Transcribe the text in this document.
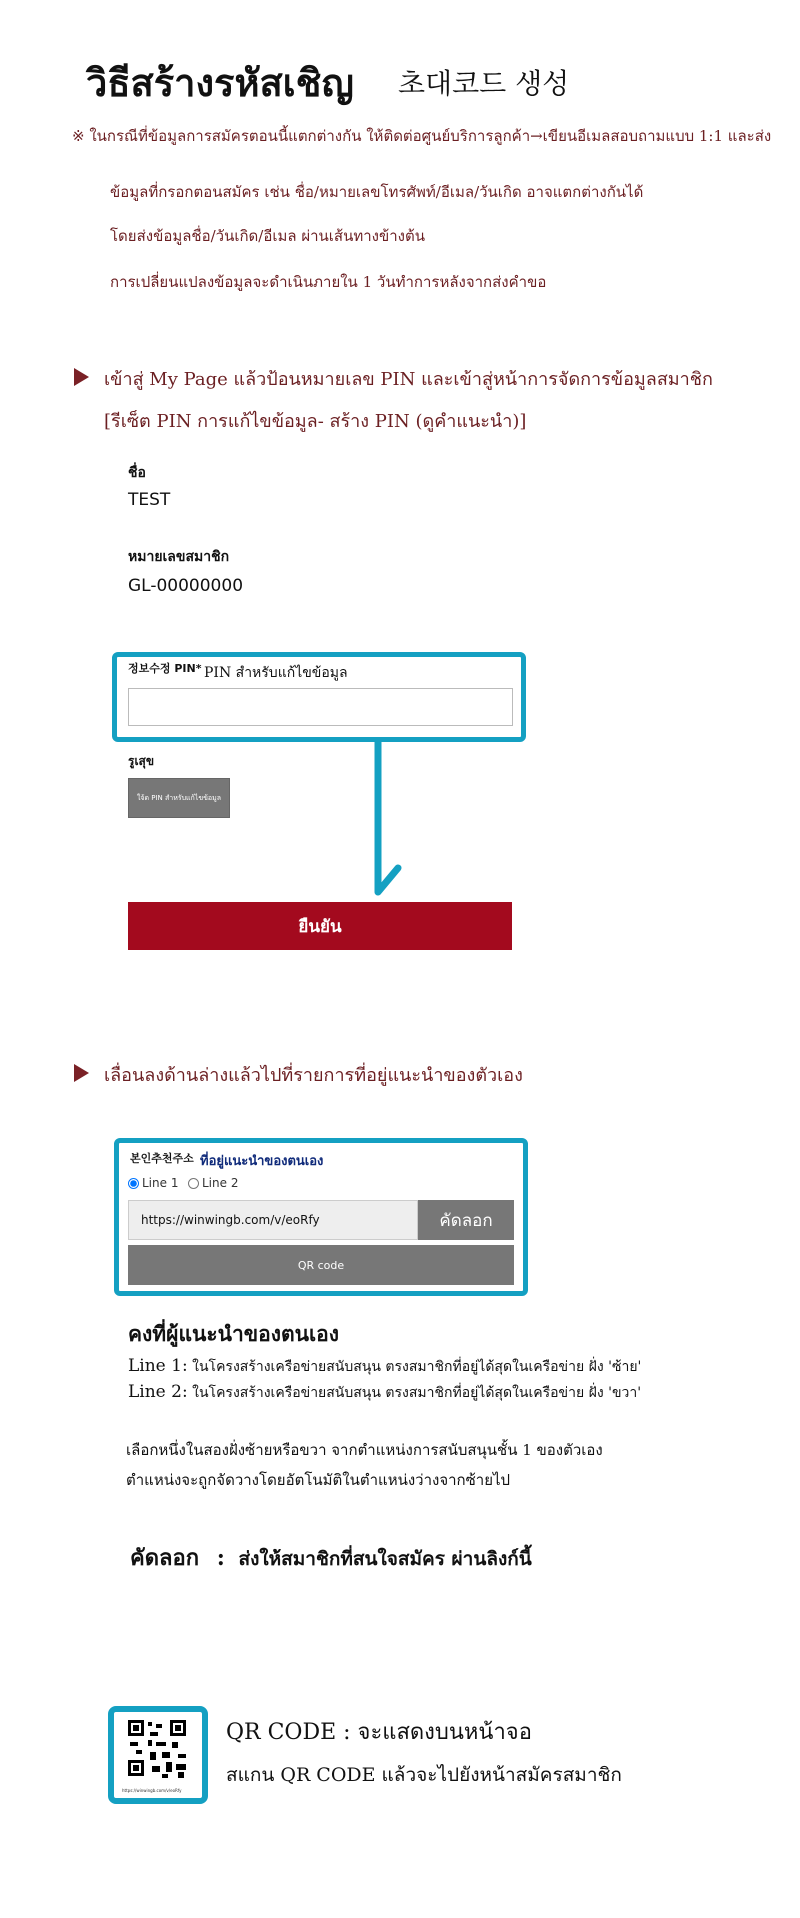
วิธีสร้างรหัสเชิญ 초대코드 생성
※ ในกรณีที่ข้อมูลการสมัครตอนนี้แตกต่างกัน ให้ติดต่อศูนย์บริการลูกค้า→เขียนอีเมลสอบถามแบบ 1:1 และส่ง
ข้อมูลที่กรอกตอนสมัคร เช่น ชื่อ/หมายเลขโทรศัพท์/อีเมล/วันเกิด อาจแตกต่างกันได้
โดยส่งข้อมูลชื่อ/วันเกิด/อีเมล ผ่านเส้นทางข้างต้น
การเปลี่ยนแปลงข้อมูลจะดำเนินภายใน 1 วันทำการหลังจากส่งคำขอ
เข้าสู่ My Page แล้วป้อนหมายเลข PIN และเข้าสู่หน้าการจัดการข้อมูลสมาชิก
[รีเซ็ต PIN การแก้ไขข้อมูล- สร้าง PIN (ดูคำแนะนำ)]
ชื่อ
TEST
หมายเลขสมาชิก
GL-00000000
정보수정 PIN* PIN สำหรับแก้ไขข้อมูล
รูเสุข
ใจ้ด PIN สำหรับแก้ไขข้อมูล
ยืนยัน
เลื่อนลงด้านล่างแล้วไปที่รายการที่อยู่แนะนำของตัวเอง
본인추천주소 ที่อยู่แนะนำของตนเอง
Line 1 Line 2
https://winwingb.com/v/eoRfy	คัดลอก
QR code
คงที่ผู้แนะนำของตนเอง
Line 1: ในโครงสร้างเครือข่ายสนับสนุน ตรงสมาชิกที่อยู่ได้สุดในเครือข่าย ฝั่ง 'ซ้าย'
Line 2: ในโครงสร้างเครือข่ายสนับสนุน ตรงสมาชิกที่อยู่ได้สุดในเครือข่าย ฝั่ง 'ขวา'
เลือกหนึ่งในสองฝั่งซ้ายหรือขวา จากตำแหน่งการสนับสนุนชั้น 1 ของตัวเอง
ตำแหน่งจะถูกจัดวางโดยอัตโนมัติในตำแหน่งว่างจากซ้ายไป
คัดลอก : ส่งให้สมาชิกที่สนใจสมัคร ผ่านลิงก์นี้
https://winwingb.com/v/eoRfy
QR CODE : จะแสดงบนหน้าจอ
สแกน QR CODE แล้วจะไปยังหน้าสมัครสมาชิก
